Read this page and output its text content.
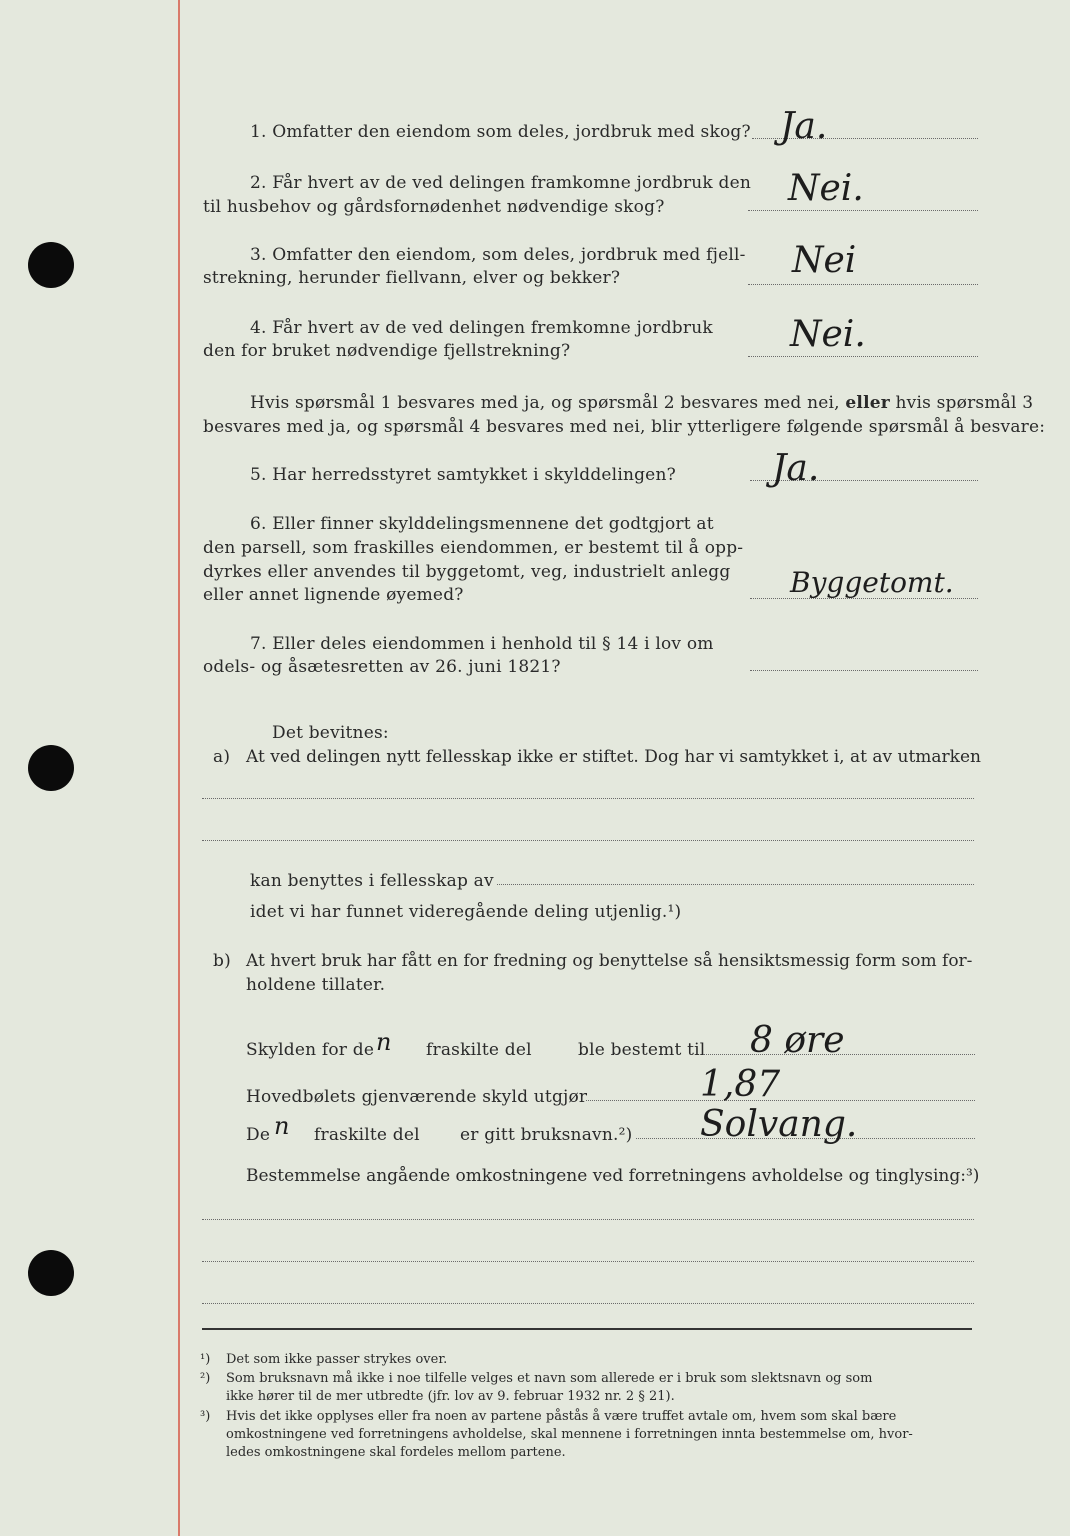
1. Omfatter den eiendom som deles, jordbruk med skog? Ja.
2. Får hvert av de ved delingen framkomne jordbruk den
til husbehov og gårdsfornødenhet nødvendige skog?	Nei.
3. Omfatter den eiendom, som deles, jordbruk med fjell-
strekning, herunder fiellvann, elver og bekker?	Nei
4. Får hvert av de ved delingen fremkomne jordbruk
den for bruket nødvendige fjellstrekning?	Nei.
Hvis spørsmål 1 besvares med ja, og spørsmål 2 besvares med nei, eller hvis spørsmål 3
besvares med ja, og spørsmål 4 besvares med nei, blir ytterligere følgende spørsmål å besvare:
5. Har herredsstyret samtykket i skylddelingen?	Ja.
6. Eller finner skylddelingsmennene det godtgjort at
den parsell, som fraskilles eiendommen, er bestemt til å opp-
dyrkes eller anvendes til byggetomt, veg, industrielt anlegg
eller annet lignende øyemed?	Byggetomt.
7. Eller deles eiendommen i henhold til § 14 i lov om
odels- og åsætesretten av 26. juni 1821?
Det bevitnes:
a) At ved delingen nytt fellesskap ikke er stiftet. Dog har vi samtykket i, at av utmarken
kan benyttes i fellesskap av
idet vi har funnet videregående deling utjenlig.¹)
b) At hvert bruk har fått en for fredning og benyttelse så hensiktsmessig form som for-
holdene tillater.
Skylden for de n fraskilte del	ble bestemt til 8 øre
Hovedbølets gjenværende skyld utgjør	1,87
De n fraskilte del er gitt bruksnavn.²) Solvang.
Bestemmelse angående omkostningene ved forretningens avholdelse og tinglysing:³)
¹) Det som ikke passer strykes over.
²) Som bruksnavn må ikke i noe tilfelle velges et navn som allerede er i bruk som slektsnavn og som
ikke hører til de mer utbredte (jfr. lov av 9. februar 1932 nr. 2 § 21).
³) Hvis det ikke opplyses eller fra noen av partene påstås å være truffet avtale om, hvem som skal bære
omkostningene ved forretningens avholdelse, skal mennene i forretningen innta bestemmelse om, hvor-
ledes omkostningene skal fordeles mellom partene.
